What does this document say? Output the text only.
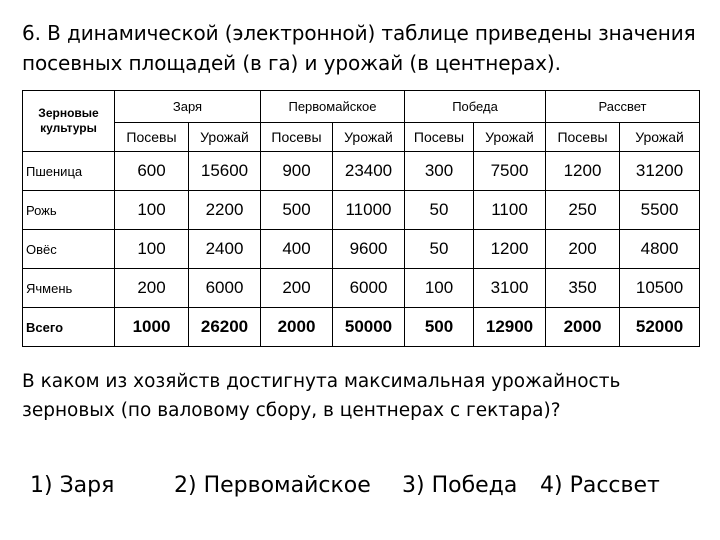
6. В динамической (электронной) таблице приведены значения
посевных площадей (в га) и урожай (в центнерах).
Зерновые
культуры	Заря		Первомайское		Победа		Рассвет	
	Посевы	Урожай	Посевы	Урожай	Посевы	Урожай	Посевы	Урожай
Пшеница	600	15600	900	23400	300	7500	1200	31200
Рожь	100	2200	500	11000	50	1100	250	5500
Овёс	100	2400	400	9600	50	1200	200	4800
Ячмень	200	6000	200	6000	100	3100	350	10500
Всего	1000	26200	2000	50000	500	12900	2000	52000
В каком из хозяйств достигнута максимальная урожайность
зерновых (по валовому сбору, в центнерах с гектара)?
1) Заря	2) Первомайское 3) Победа 4) Рассвет
